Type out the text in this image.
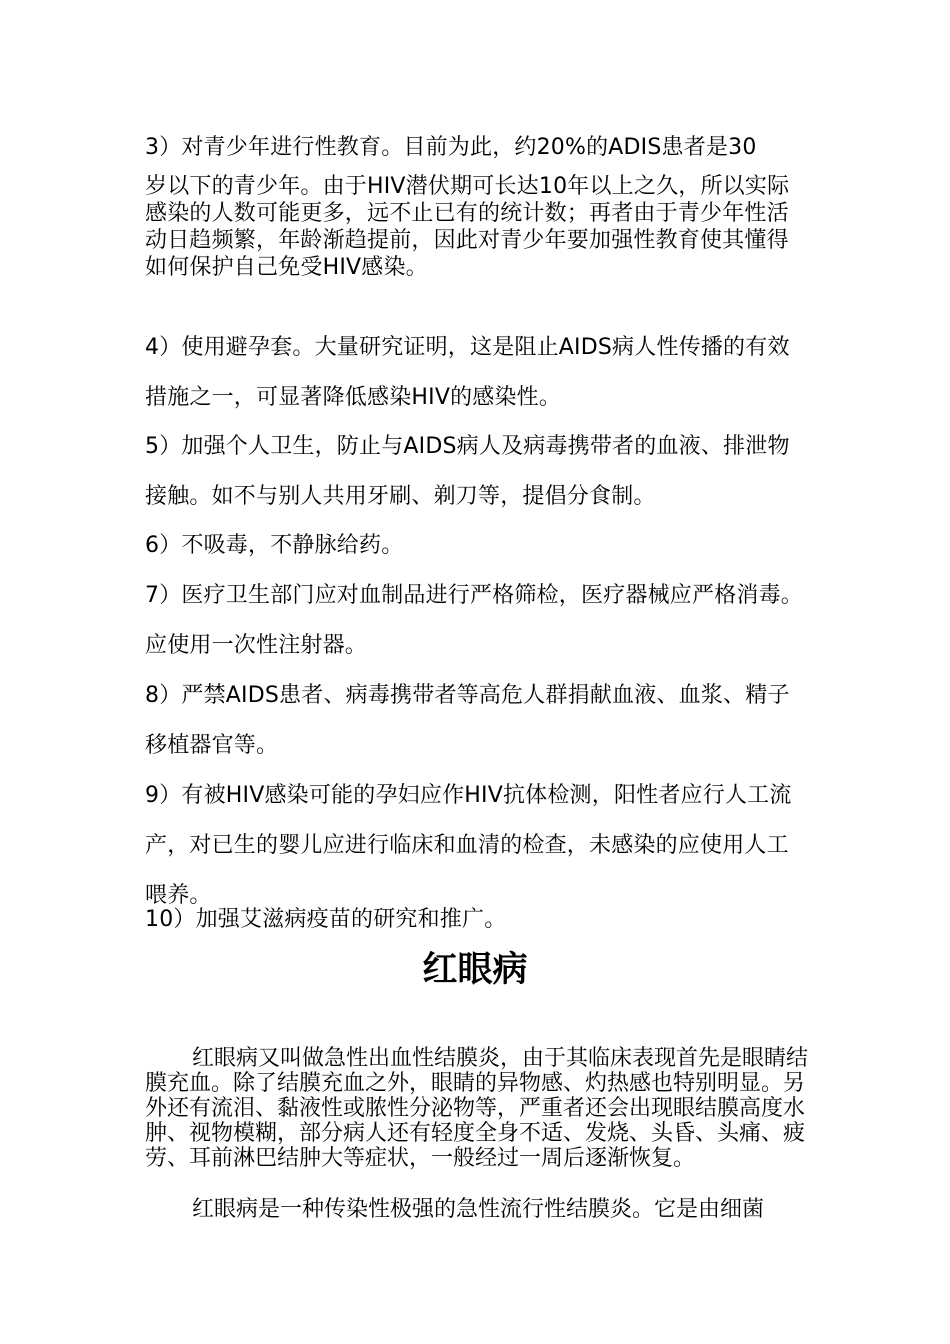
3）对青少年进行性教育。目前为此，约20%的ADIS患者是30
岁以下的青少年。由于HIV潜伏期可长达10年以上之久，所以实际感染的人数可能更多，远不止已有的统计数；再者由于青少年性活动日趋频繁，年龄渐趋提前，因此对青少年要加强性教育使其懂得如何保护自己免受HIV感染。

4）使用避孕套。大量研究证明，这是阻止AIDS病人性传播的有效措施之一，可显著降低感染HIV的感染性。

5）加强个人卫生，防止与AIDS病人及病毒携带者的血液、排泄物接触。如不与别人共用牙刷、剃刀等，提倡分食制。

6）不吸毒，不静脉给药。

7）医疗卫生部门应对血制品进行严格筛检，医疗器械应严格消毒。应使用一次性注射器。

8）严禁AIDS患者、病毒携带者等高危人群捐献血液、血浆、精子移植器官等。

9）有被HIV感染可能的孕妇应作HIV抗体检测，阳性者应行人工流产，对已生的婴儿应进行临床和血清的检查，未感染的应使用人工喂养。

10）加强艾滋病疫苗的研究和推广。

红眼病

红眼病又叫做急性出血性结膜炎，由于其临床表现首先是眼睛结膜充血。除了结膜充血之外，眼睛的异物感、灼热感也特别明显。另外还有流泪、黏液性或脓性分泌物等，严重者还会出现眼结膜高度水肿、视物模糊，部分病人还有轻度全身不适、发烧、头昏、头痛、疲劳、耳前淋巴结肿大等症状，一般经过一周后逐渐恢复。

红眼病是一种传染性极强的急性流行性结膜炎。它是由细菌
